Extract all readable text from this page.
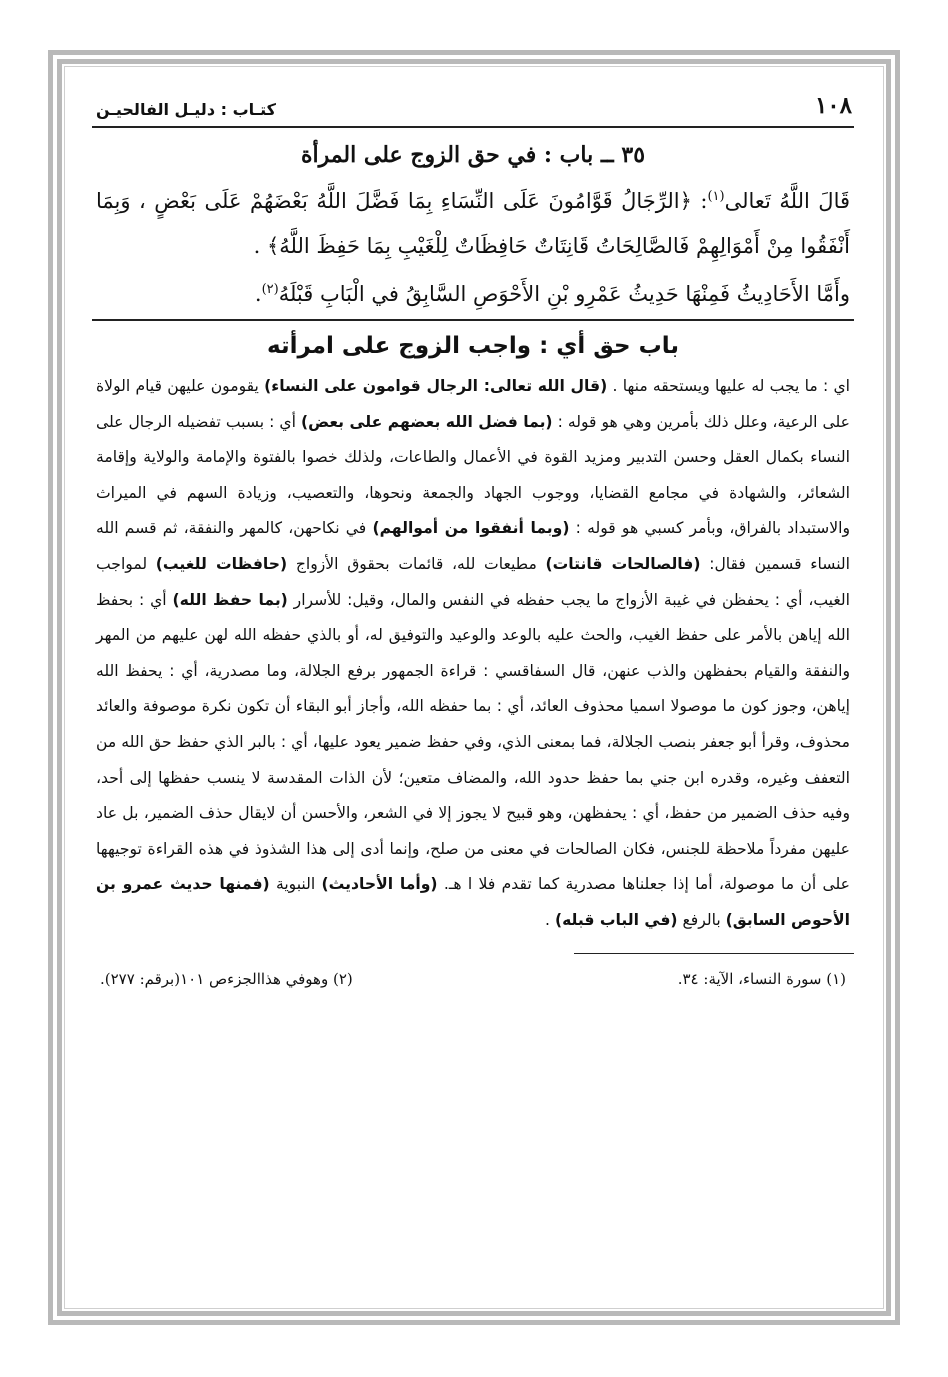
١٠٨
كتـاب : دليـل الفالحيـن
٣٥ ــ باب : في حق الزوج على المرأة

قَالَ اللَّهُ تَعالى$^{(١)}$: ﴿الرِّجَالُ قَوَّامُونَ عَلَى النِّسَاءِ بِمَا فَضَّلَ اللَّهُ بَعْضَهُمْ عَلَى بَعْضٍ ، وَبِمَا أَنْفَقُوا مِنْ أَمْوَالِهِمْ فَالصَّالِحَاتُ قَانِتَاتٌ حَافِظَاتٌ لِلْغَيْبِ بِمَا حَفِظَ اللَّهُ﴾ .

وأَمَّا الأَحَادِيثُ فَمِنْهَا حَدِيثُ عَمْرِو بْنِ الأَحْوَصِ السَّابِقُ في الْبَابِ قَبْلَهُ$^{(٢)}$.

باب حق أي : واجب الزوج على امرأته

اي : ما يجب له عليها ويستحقه منها . (قال الله تعالى: الرجال قوامون على النساء) يقومون عليهن قيام الولاة على الرعية، وعلل ذلك بأمرين وهي هو قوله : (بما فضل الله بعضهم على بعض) أي : بسبب تفضيله الرجال على النساء بكمال العقل وحسن التدبير ومزيد القوة في الأعمال والطاعات، ولذلك خصوا بالفتوة والإمامة والولاية وإقامة الشعائر، والشهادة في مجامع القضايا، ووجوب الجهاد والجمعة ونحوها، والتعصيب، وزيادة السهم في الميراث والاستبداد بالفراق، وبأمر كسبي هو قوله : (وبما أنفقوا من أموالهم) في نكاحهن، كالمهر والنفقة، ثم قسم الله النساء قسمين فقال: (فالصالحات قانتات) مطيعات لله، قائمات بحقوق الأزواج (حافظات للغيب) لمواجب الغيب، أي : يحفظن في غيبة الأزواج ما يجب حفظه في النفس والمال، وقيل: للأسرار (بما حفظ الله) أي : بحفظ الله إياهن بالأمر على حفظ الغيب، والحث عليه بالوعد والوعيد والتوفيق له، أو بالذي حفظه الله لهن عليهم من المهر والنفقة والقيام بحفظهن والذب عنهن، قال السفاقسي : قراءة الجمهور برفع الجلالة، وما مصدرية، أي : يحفظ الله إياهن، وجوز كون ما موصولا اسميا محذوف العائد، أي : بما حفظه الله، وأجاز أبو البقاء أن تكون نكرة موصوفة والعائد محذوف، وقرأ أبو جعفر بنصب الجلالة، فما بمعنى الذي، وفي حفظ ضمير يعود عليها، أي : بالبر الذي حفظ حق الله من التعفف وغيره، وقدره ابن جني بما حفظ حدود الله، والمضاف متعين؛ لأن الذات المقدسة لا ينسب حفظها إلى أحد، وفيه حذف الضمير من حفظ، أي : يحفظهن، وهو قبيح لا يجوز إلا في الشعر، والأحسن أن لايقال حذف الضمير، بل عاد عليهن مفرداً ملاحظة للجنس، فكان الصالحات في معنى من صلح، وإنما أدى إلى هذا الشذوذ في هذه القراءة توجيهها على أن ما موصولة، أما إذا جعلناها مصدرية كما تقدم فلا ا هـ. (وأما الأحاديث) النبوية (فمنها حديث عمرو بن الأحوص السابق) بالرفع (في الباب قبله) .

(١) سورة النساء، الآية: ٣٤.
(٢) وهوفي هذاالجزءص ١٠١(برقم: ٢٧٧).
